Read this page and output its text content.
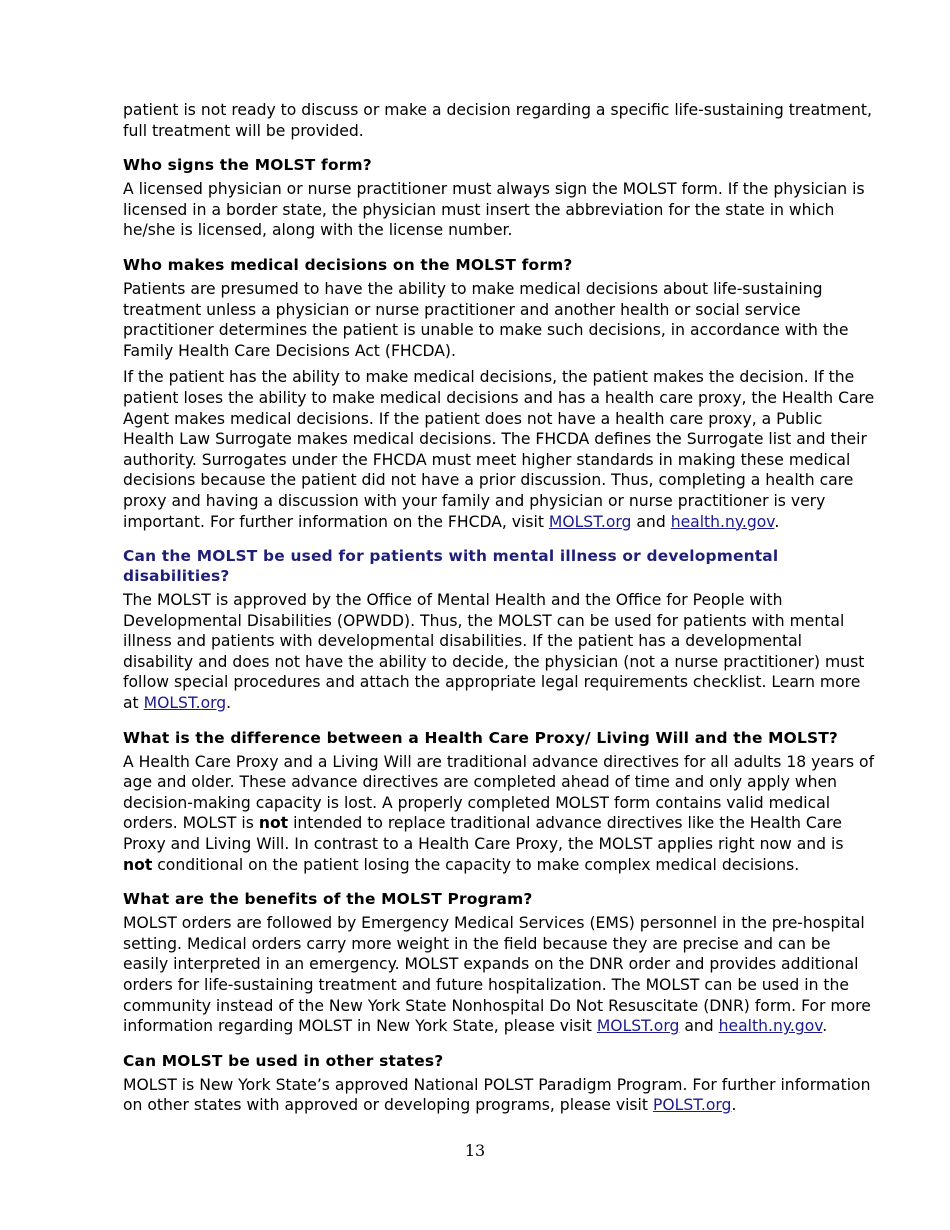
patient is not ready to discuss or make a decision regarding a specific life-sustaining treatment, full treatment will be provided.

Who signs the MOLST form?

A licensed physician or nurse practitioner must always sign the MOLST form. If the physician is licensed in a border state, the physician must insert the abbreviation for the state in which he/she is licensed, along with the license number.

Who makes medical decisions on the MOLST form?

Patients are presumed to have the ability to make medical decisions about life-sustaining treatment unless a physician or nurse practitioner and another health or social service practitioner determines the patient is unable to make such decisions, in accordance with the Family Health Care Decisions Act (FHCDA).

If the patient has the ability to make medical decisions, the patient makes the decision. If the patient loses the ability to make medical decisions and has a health care proxy, the Health Care Agent makes medical decisions. If the patient does not have a health care proxy, a Public Health Law Surrogate makes medical decisions. The FHCDA defines the Surrogate list and their authority. Surrogates under the FHCDA must meet higher standards in making these medical decisions because the patient did not have a prior discussion. Thus, completing a health care proxy and having a discussion with your family and physician or nurse practitioner is very important. For further information on the FHCDA, visit MOLST.org and health.ny.gov.

Can the MOLST be used for patients with mental illness or developmental disabilities?

The MOLST is approved by the Office of Mental Health and the Office for People with Developmental Disabilities (OPWDD). Thus, the MOLST can be used for patients with mental illness and patients with developmental disabilities. If the patient has a developmental disability and does not have the ability to decide, the physician (not a nurse practitioner) must follow special procedures and attach the appropriate legal requirements checklist. Learn more at MOLST.org.

What is the difference between a Health Care Proxy/ Living Will and the MOLST?

A Health Care Proxy and a Living Will are traditional advance directives for all adults 18 years of age and older. These advance directives are completed ahead of time and only apply when decision-making capacity is lost. A properly completed MOLST form contains valid medical orders. MOLST is not intended to replace traditional advance directives like the Health Care Proxy and Living Will. In contrast to a Health Care Proxy, the MOLST applies right now and is not conditional on the patient losing the capacity to make complex medical decisions.

What are the benefits of the MOLST Program?

MOLST orders are followed by Emergency Medical Services (EMS) personnel in the pre-hospital setting. Medical orders carry more weight in the field because they are precise and can be easily interpreted in an emergency. MOLST expands on the DNR order and provides additional orders for life-sustaining treatment and future hospitalization. The MOLST can be used in the community instead of the New York State Nonhospital Do Not Resuscitate (DNR) form. For more information regarding MOLST in New York State, please visit MOLST.org and health.ny.gov.

Can MOLST be used in other states?

MOLST is New York State’s approved National POLST Paradigm Program. For further information on other states with approved or developing programs, please visit POLST.org.

13
